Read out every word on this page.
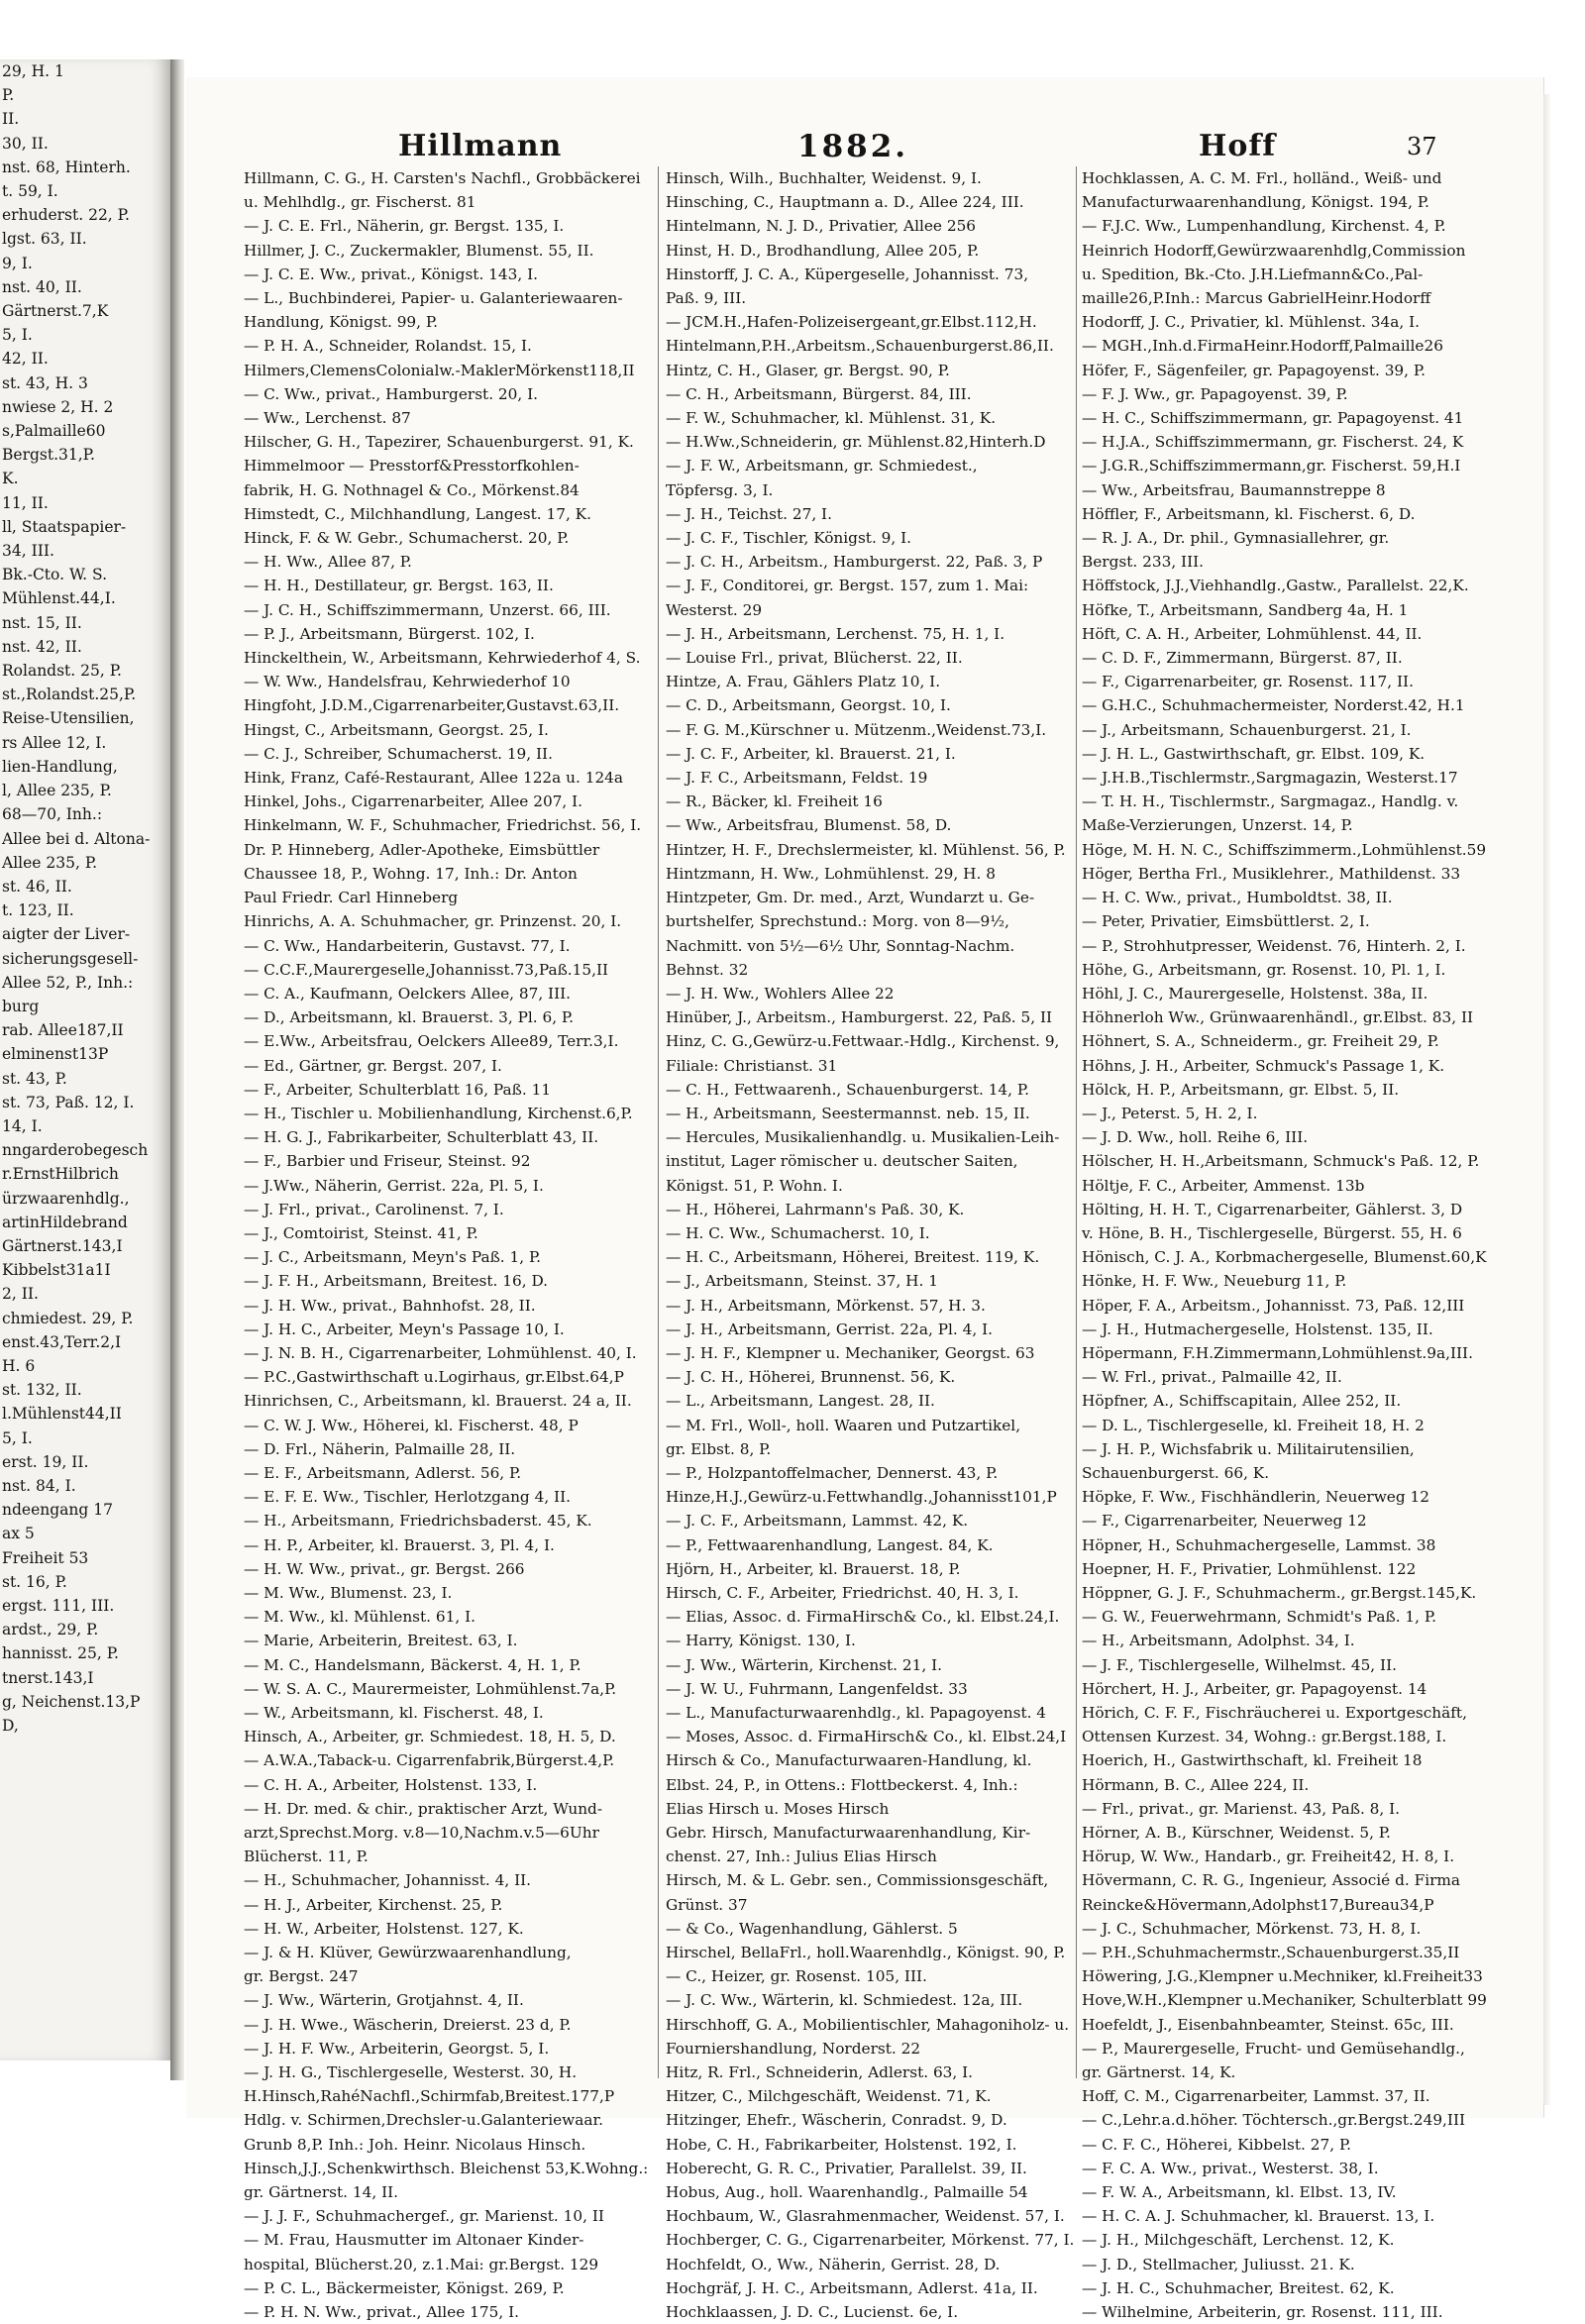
29, H. 1
P.
II.
30, II.
nst. 68, Hinterh.
t. 59, I.
erhuderst. 22, P.
lgst. 63, II.
9, I.
nst. 40, II.
Gärtnerst.7,K
5, I.
42, II.
st. 43, H. 3
nwiese 2, H. 2
s,Palmaille60
Bergst.31,P.
K.
11, II.
ll, Staatspapier-
34, III.
Bk.-Cto. W. S.
Mühlenst.44,I.
nst. 15, II.
nst. 42, II.
Rolandst. 25, P.
st.,Rolandst.25,P.
Reise-Utensilien,
rs Allee 12, I.
lien-Handlung,
l, Allee 235, P.
68—70, Inh.:
Allee bei d. Altona-
Allee 235, P.
st. 46, II.
t. 123, II.
aigter der Liver-
sicherungsgesell-
Allee 52, P., Inh.:
burg
rab. Allee187,II
elminenst13P
st. 43, P.
st. 73, Paß. 12, I.
14, I.
nngarderobegesch
r.ErnstHilbrich
ürzwaarenhdlg.,
artinHildebrand
Gärtnerst.143,I
Kibbelst31a1I
2, II.
chmiedest. 29, P.
enst.43,Terr.2,I
H. 6
st. 132, II.
l.Mühlenst44,II
5, I.
erst. 19, II.
nst. 84, I.
ndeengang 17
ax 5
Freiheit 53
st. 16, P.
ergst. 111, III.
ardst., 29, P.
hannisst. 25, P.
tnerst.143,I
g, Neichenst.13,P
D,
Hillmann	1882.	Hoff	37
Hillmann, C. G., H. Carsten's Nachfl., Grobbäckerei
u. Mehlhdlg., gr. Fischerst. 81
— J. C. E. Frl., Näherin, gr. Bergst. 135, I.
Hillmer, J. C., Zuckermakler, Blumenst. 55, II.
— J. C. E. Ww., privat., Königst. 143, I.
— L., Buchbinderei, Papier- u. Galanteriewaaren-
Handlung, Königst. 99, P.
— P. H. A., Schneider, Rolandst. 15, I.
Hilmers,ClemensColonialw.-MaklerMörkenst118,II
— C. Ww., privat., Hamburgerst. 20, I.
— Ww., Lerchenst. 87
Hilscher, G. H., Tapezirer, Schauenburgerst. 91, K.
Himmelmoor — Presstorf&Presstorfkohlen-
fabrik, H. G. Nothnagel & Co., Mörkenst.84
Himstedt, C., Milchhandlung, Langest. 17, K.
Hinck, F. & W. Gebr., Schumacherst. 20, P.
— H. Ww., Allee 87, P.
— H. H., Destillateur, gr. Bergst. 163, II.
— J. C. H., Schiffszimmermann, Unzerst. 66, III.
— P. J., Arbeitsmann, Bürgerst. 102, I.
Hinckelthein, W., Arbeitsmann, Kehrwiederhof 4, S.
— W. Ww., Handelsfrau, Kehrwiederhof 10
Hingfoht, J.D.M.,Cigarrenarbeiter,Gustavst.63,II.
Hingst, C., Arbeitsmann, Georgst. 25, I.
— C. J., Schreiber, Schumacherst. 19, II.
Hink, Franz, Café-Restaurant, Allee 122a u. 124a
Hinkel, Johs., Cigarrenarbeiter, Allee 207, I.
Hinkelmann, W. F., Schuhmacher, Friedrichst. 56, I.
Dr. P. Hinneberg, Adler-Apotheke, Eimsbüttler
Chaussee 18, P., Wohng. 17, Inh.: Dr. Anton
Paul Friedr. Carl Hinneberg
Hinrichs, A. A. Schuhmacher, gr. Prinzenst. 20, I.
— C. Ww., Handarbeiterin, Gustavst. 77, I.
— C.C.F.,Maurergeselle,Johannisst.73,Paß.15,II
— C. A., Kaufmann, Oelckers Allee, 87, III.
— D., Arbeitsmann, kl. Brauerst. 3, Pl. 6, P.
— E.Ww., Arbeitsfrau, Oelckers Allee89, Terr.3,I.
— Ed., Gärtner, gr. Bergst. 207, I.
— F., Arbeiter, Schulterblatt 16, Paß. 11
— H., Tischler u. Mobilienhandlung, Kirchenst.6,P.
— H. G. J., Fabrikarbeiter, Schulterblatt 43, II.
— F., Barbier und Friseur, Steinst. 92
— J.Ww., Näherin, Gerrist. 22a, Pl. 5, I.
— J. Frl., privat., Carolinenst. 7, I.
— J., Comtoirist, Steinst. 41, P.
— J. C., Arbeitsmann, Meyn's Paß. 1, P.
— J. F. H., Arbeitsmann, Breitest. 16, D.
— J. H. Ww., privat., Bahnhofst. 28, II.
— J. H. C., Arbeiter, Meyn's Passage 10, I.
— J. N. B. H., Cigarrenarbeiter, Lohmühlenst. 40, I.
— P.C.,Gastwirthschaft u.Logirhaus, gr.Elbst.64,P
Hinrichsen, C., Arbeitsmann, kl. Brauerst. 24 a, II.
— C. W. J. Ww., Höherei, kl. Fischerst. 48, P
— D. Frl., Näherin, Palmaille 28, II.
— E. F., Arbeitsmann, Adlerst. 56, P.
— E. F. E. Ww., Tischler, Herlotzgang 4, II.
— H., Arbeitsmann, Friedrichsbaderst. 45, K.
— H. P., Arbeiter, kl. Brauerst. 3, Pl. 4, I.
— H. W. Ww., privat., gr. Bergst. 266
— M. Ww., Blumenst. 23, I.
— M. Ww., kl. Mühlenst. 61, I.
— Marie, Arbeiterin, Breitest. 63, I.
— M. C., Handelsmann, Bäckerst. 4, H. 1, P.
— W. S. A. C., Maurermeister, Lohmühlenst.7a,P.
— W., Arbeitsmann, kl. Fischerst. 48, I.
Hinsch, A., Arbeiter, gr. Schmiedest. 18, H. 5, D.
— A.W.A.,Taback-u. Cigarrenfabrik,Bürgerst.4,P.
— C. H. A., Arbeiter, Holstenst. 133, I.
— H. Dr. med. & chir., praktischer Arzt, Wund-
arzt,Sprechst.Morg. v.8—10,Nachm.v.5—6Uhr
Blücherst. 11, P.
— H., Schuhmacher, Johannisst. 4, II.
— H. J., Arbeiter, Kirchenst. 25, P.
— H. W., Arbeiter, Holstenst. 127, K.
— J. & H. Klüver, Gewürzwaarenhandlung,
gr. Bergst. 247
— J. Ww., Wärterin, Grotjahnst. 4, II.
— J. H. Wwe., Wäscherin, Dreierst. 23 d, P.
— J. H. F. Ww., Arbeiterin, Georgst. 5, I.
— J. H. G., Tischlergeselle, Westerst. 30, H.
H.Hinsch,RahéNachfl.,Schirmfab,Breitest.177,P
Hdlg. v. Schirmen,Drechsler-u.Galanteriewaar.
Grunb 8,P. Inh.: Joh. Heinr. Nicolaus Hinsch.
Hinsch,J.J.,Schenkwirthsch. Bleichenst 53,K.Wohng.:
gr. Gärtnerst. 14, II.
— J. J. F., Schuhmachergef., gr. Marienst. 10, II
— M. Frau, Hausmutter im Altonaer Kinder-
hospital, Blücherst.20, z.1.Mai: gr.Bergst. 129
— P. C. L., Bäckermeister, Königst. 269, P.
— P. H. N. Ww., privat., Allee 175, I.
Hinsch, Wilh., Buchhalter, Weidenst. 9, I.
Hinsching, C., Hauptmann a. D., Allee 224, III.
Hintelmann, N. J. D., Privatier, Allee 256
Hinst, H. D., Brodhandlung, Allee 205, P.
Hinstorff, J. C. A., Küpergeselle, Johannisst. 73,
Paß. 9, III.
— JCM.H.,Hafen-Polizeisergeant,gr.Elbst.112,H.
Hintelmann,P.H.,Arbeitsm.,Schauenburgerst.86,II.
Hintz, C. H., Glaser, gr. Bergst. 90, P.
— C. H., Arbeitsmann, Bürgerst. 84, III.
— F. W., Schuhmacher, kl. Mühlenst. 31, K.
— H.Ww.,Schneiderin, gr. Mühlenst.82,Hinterh.D
— J. F. W., Arbeitsmann, gr. Schmiedest.,
Töpfersg. 3, I.
— J. H., Teichst. 27, I.
— J. C. F., Tischler, Königst. 9, I.
— J. C. H., Arbeitsm., Hamburgerst. 22, Paß. 3, P
— J. F., Conditorei, gr. Bergst. 157, zum 1. Mai:
Westerst. 29
— J. H., Arbeitsmann, Lerchenst. 75, H. 1, I.
— Louise Frl., privat, Blücherst. 22, II.
Hintze, A. Frau, Gählers Platz 10, I.
— C. D., Arbeitsmann, Georgst. 10, I.
— F. G. M.,Kürschner u. Mützenm.,Weidenst.73,I.
— J. C. F., Arbeiter, kl. Brauerst. 21, I.
— J. F. C., Arbeitsmann, Feldst. 19
— R., Bäcker, kl. Freiheit 16
— Ww., Arbeitsfrau, Blumenst. 58, D.
Hintzer, H. F., Drechslermeister, kl. Mühlenst. 56, P.
Hintzmann, H. Ww., Lohmühlenst. 29, H. 8
Hintzpeter, Gm. Dr. med., Arzt, Wundarzt u. Ge-
burtshelfer, Sprechstund.: Morg. von 8—9½,
Nachmitt. von 5½—6½ Uhr, Sonntag-Nachm.
Behnst. 32
— J. H. Ww., Wohlers Allee 22
Hinüber, J., Arbeitsm., Hamburgerst. 22, Paß. 5, II
Hinz, C. G.,Gewürz-u.Fettwaar.-Hdlg., Kirchenst. 9,
Filiale: Christianst. 31
— C. H., Fettwaarenh., Schauenburgerst. 14, P.
— H., Arbeitsmann, Seestermannst. neb. 15, II.
— Hercules, Musikalienhandlg. u. Musikalien-Leih-
institut, Lager römischer u. deutscher Saiten,
Königst. 51, P. Wohn. I.
— H., Höherei, Lahrmann's Paß. 30, K.
— H. C. Ww., Schumacherst. 10, I.
— H. C., Arbeitsmann, Höherei, Breitest. 119, K.
— J., Arbeitsmann, Steinst. 37, H. 1
— J. H., Arbeitsmann, Mörkenst. 57, H. 3.
— J. H., Arbeitsmann, Gerrist. 22a, Pl. 4, I.
— J. H. F., Klempner u. Mechaniker, Georgst. 63
— J. C. H., Höherei, Brunnenst. 56, K.
— L., Arbeitsmann, Langest. 28, II.
— M. Frl., Woll-, holl. Waaren und Putzartikel,
gr. Elbst. 8, P.
— P., Holzpantoffelmacher, Dennerst. 43, P.
Hinze,H.J.,Gewürz-u.Fettwhandlg.,Johannisst101,P
— J. C. F., Arbeitsmann, Lammst. 42, K.
— P., Fettwaarenhandlung, Langest. 84, K.
Hjörn, H., Arbeiter, kl. Brauerst. 18, P.
Hirsch, C. F., Arbeiter, Friedrichst. 40, H. 3, I.
— Elias, Assoc. d. FirmaHirsch& Co., kl. Elbst.24,I.
— Harry, Königst. 130, I.
— J. Ww., Wärterin, Kirchenst. 21, I.
— J. W. U., Fuhrmann, Langenfeldst. 33
— L., Manufacturwaarenhdlg., kl. Papagoyenst. 4
— Moses, Assoc. d. FirmaHirsch& Co., kl. Elbst.24,I
Hirsch & Co., Manufacturwaaren-Handlung, kl.
Elbst. 24, P., in Ottens.: Flottbeckerst. 4, Inh.:
Elias Hirsch u. Moses Hirsch
Gebr. Hirsch, Manufacturwaarenhandlung, Kir-
chenst. 27, Inh.: Julius Elias Hirsch
Hirsch, M. & L. Gebr. sen., Commissionsgeschäft,
Grünst. 37
— & Co., Wagenhandlung, Gählerst. 5
Hirschel, BellaFrl., holl.Waarenhdlg., Königst. 90, P.
— C., Heizer, gr. Rosenst. 105, III.
— J. C. Ww., Wärterin, kl. Schmiedest. 12a, III.
Hirschhoff, G. A., Mobilientischler, Mahagoniholz- u.
Fourniershandlung, Norderst. 22
Hitz, R. Frl., Schneiderin, Adlerst. 63, I.
Hitzer, C., Milchgeschäft, Weidenst. 71, K.
Hitzinger, Ehefr., Wäscherin, Conradst. 9, D.
Hobe, C. H., Fabrikarbeiter, Holstenst. 192, I.
Hoberecht, G. R. C., Privatier, Parallelst. 39, II.
Hobus, Aug., holl. Waarenhandlg., Palmaille 54
Hochbaum, W., Glasrahmenmacher, Weidenst. 57, I.
Hochberger, C. G., Cigarrenarbeiter, Mörkenst. 77, I.
Hochfeldt, O., Ww., Näherin, Gerrist. 28, D.
Hochgräf, J. H. C., Arbeitsmann, Adlerst. 41a, II.
Hochklaassen, J. D. C., Lucienst. 6e, I.
Hochklassen, A. C. M. Frl., holländ., Weiß- und
Manufacturwaarenhandlung, Königst. 194, P.
— F.J.C. Ww., Lumpenhandlung, Kirchenst. 4, P.
Heinrich Hodorff,Gewürzwaarenhdlg,Commission
u. Spedition, Bk.-Cto. J.H.Liefmann&Co.,Pal-
maille26,P.Inh.: Marcus GabrielHeinr.Hodorff
Hodorff, J. C., Privatier, kl. Mühlenst. 34a, I.
— MGH.,Inh.d.FirmaHeinr.Hodorff,Palmaille26
Höfer, F., Sägenfeiler, gr. Papagoyenst. 39, P.
— F. J. Ww., gr. Papagoyenst. 39, P.
— H. C., Schiffszimmermann, gr. Papagoyenst. 41
— H.J.A., Schiffszimmermann, gr. Fischerst. 24, K
— J.G.R.,Schiffszimmermann,gr. Fischerst. 59,H.I
— Ww., Arbeitsfrau, Baumannstreppe 8
Höffler, F., Arbeitsmann, kl. Fischerst. 6, D.
— R. J. A., Dr. phil., Gymnasiallehrer, gr.
Bergst. 233, III.
Höffstock, J.J.,Viehhandlg.,Gastw., Parallelst. 22,K.
Höfke, T., Arbeitsmann, Sandberg 4a, H. 1
Höft, C. A. H., Arbeiter, Lohmühlenst. 44, II.
— C. D. F., Zimmermann, Bürgerst. 87, II.
— F., Cigarrenarbeiter, gr. Rosenst. 117, II.
— G.H.C., Schuhmachermeister, Norderst.42, H.1
— J., Arbeitsmann, Schauenburgerst. 21, I.
— J. H. L., Gastwirthschaft, gr. Elbst. 109, K.
— J.H.B.,Tischlermstr.,Sargmagazin, Westerst.17
— T. H. H., Tischlermstr., Sargmagaz., Handlg. v.
Maße-Verzierungen, Unzerst. 14, P.
Höge, M. H. N. C., Schiffszimmerm.,Lohmühlenst.59
Höger, Bertha Frl., Musiklehrer., Mathildenst. 33
— H. C. Ww., privat., Humboldtst. 38, II.
— Peter, Privatier, Eimsbüttlerst. 2, I.
— P., Strohhutpresser, Weidenst. 76, Hinterh. 2, I.
Höhe, G., Arbeitsmann, gr. Rosenst. 10, Pl. 1, I.
Höhl, J. C., Maurergeselle, Holstenst. 38a, II.
Höhnerloh Ww., Grünwaarenhändl., gr.Elbst. 83, II
Höhnert, S. A., Schneiderm., gr. Freiheit 29, P.
Höhns, J. H., Arbeiter, Schmuck's Passage 1, K.
Hölck, H. P., Arbeitsmann, gr. Elbst. 5, II.
— J., Peterst. 5, H. 2, I.
— J. D. Ww., holl. Reihe 6, III.
Hölscher, H. H.,Arbeitsmann, Schmuck's Paß. 12, P.
Höltje, F. C., Arbeiter, Ammenst. 13b
Hölting, H. H. T., Cigarrenarbeiter, Gählerst. 3, D
v. Höne, B. H., Tischlergeselle, Bürgerst. 55, H. 6
Hönisch, C. J. A., Korbmachergeselle, Blumenst.60,K
Hönke, H. F. Ww., Neueburg 11, P.
Höper, F. A., Arbeitsm., Johannisst. 73, Paß. 12,III
— J. H., Hutmachergeselle, Holstenst. 135, II.
Höpermann, F.H.Zimmermann,Lohmühlenst.9a,III.
— W. Frl., privat., Palmaille 42, II.
Höpfner, A., Schiffscapitain, Allee 252, II.
— D. L., Tischlergeselle, kl. Freiheit 18, H. 2
— J. H. P., Wichsfabrik u. Militairutensilien,
Schauenburgerst. 66, K.
Höpke, F. Ww., Fischhändlerin, Neuerweg 12
— F., Cigarrenarbeiter, Neuerweg 12
Höpner, H., Schuhmachergeselle, Lammst. 38
Hoepner, H. F., Privatier, Lohmühlenst. 122
Höppner, G. J. F., Schuhmacherm., gr.Bergst.145,K.
— G. W., Feuerwehrmann, Schmidt's Paß. 1, P.
— H., Arbeitsmann, Adolphst. 34, I.
— J. F., Tischlergeselle, Wilhelmst. 45, II.
Hörchert, H. J., Arbeiter, gr. Papagoyenst. 14
Hörich, C. F. F., Fischräucherei u. Exportgeschäft,
Ottensen Kurzest. 34, Wohng.: gr.Bergst.188, I.
Hoerich, H., Gastwirthschaft, kl. Freiheit 18
Hörmann, B. C., Allee 224, II.
— Frl., privat., gr. Marienst. 43, Paß. 8, I.
Hörner, A. B., Kürschner, Weidenst. 5, P.
Hörup, W. Ww., Handarb., gr. Freiheit42, H. 8, I.
Hövermann, C. R. G., Ingenieur, Associé d. Firma
Reincke&Hövermann,Adolphst17,Bureau34,P
— J. C., Schuhmacher, Mörkenst. 73, H. 8, I.
— P.H.,Schuhmachermstr.,Schauenburgerst.35,II
Höwering, J.G.,Klempner u.Mechniker, kl.Freiheit33
Hove,W.H.,Klempner u.Mechaniker, Schulterblatt 99
Hoefeldt, J., Eisenbahnbeamter, Steinst. 65c, III.
— P., Maurergeselle, Frucht- und Gemüsehandlg.,
gr. Gärtnerst. 14, K.
Hoff, C. M., Cigarrenarbeiter, Lammst. 37, II.
— C.,Lehr.a.d.höher. Töchtersch.,gr.Bergst.249,III
— C. F. C., Höherei, Kibbelst. 27, P.
— F. C. A. Ww., privat., Westerst. 38, I.
— F. W. A., Arbeitsmann, kl. Elbst. 13, IV.
— H. C. A. J. Schuhmacher, kl. Brauerst. 13, I.
— J. H., Milchgeschäft, Lerchenst. 12, K.
— J. D., Stellmacher, Juliusst. 21. K.
— J. H. C., Schuhmacher, Breitest. 62, K.
— Wilhelmine, Arbeiterin, gr. Rosenst. 111, III.
